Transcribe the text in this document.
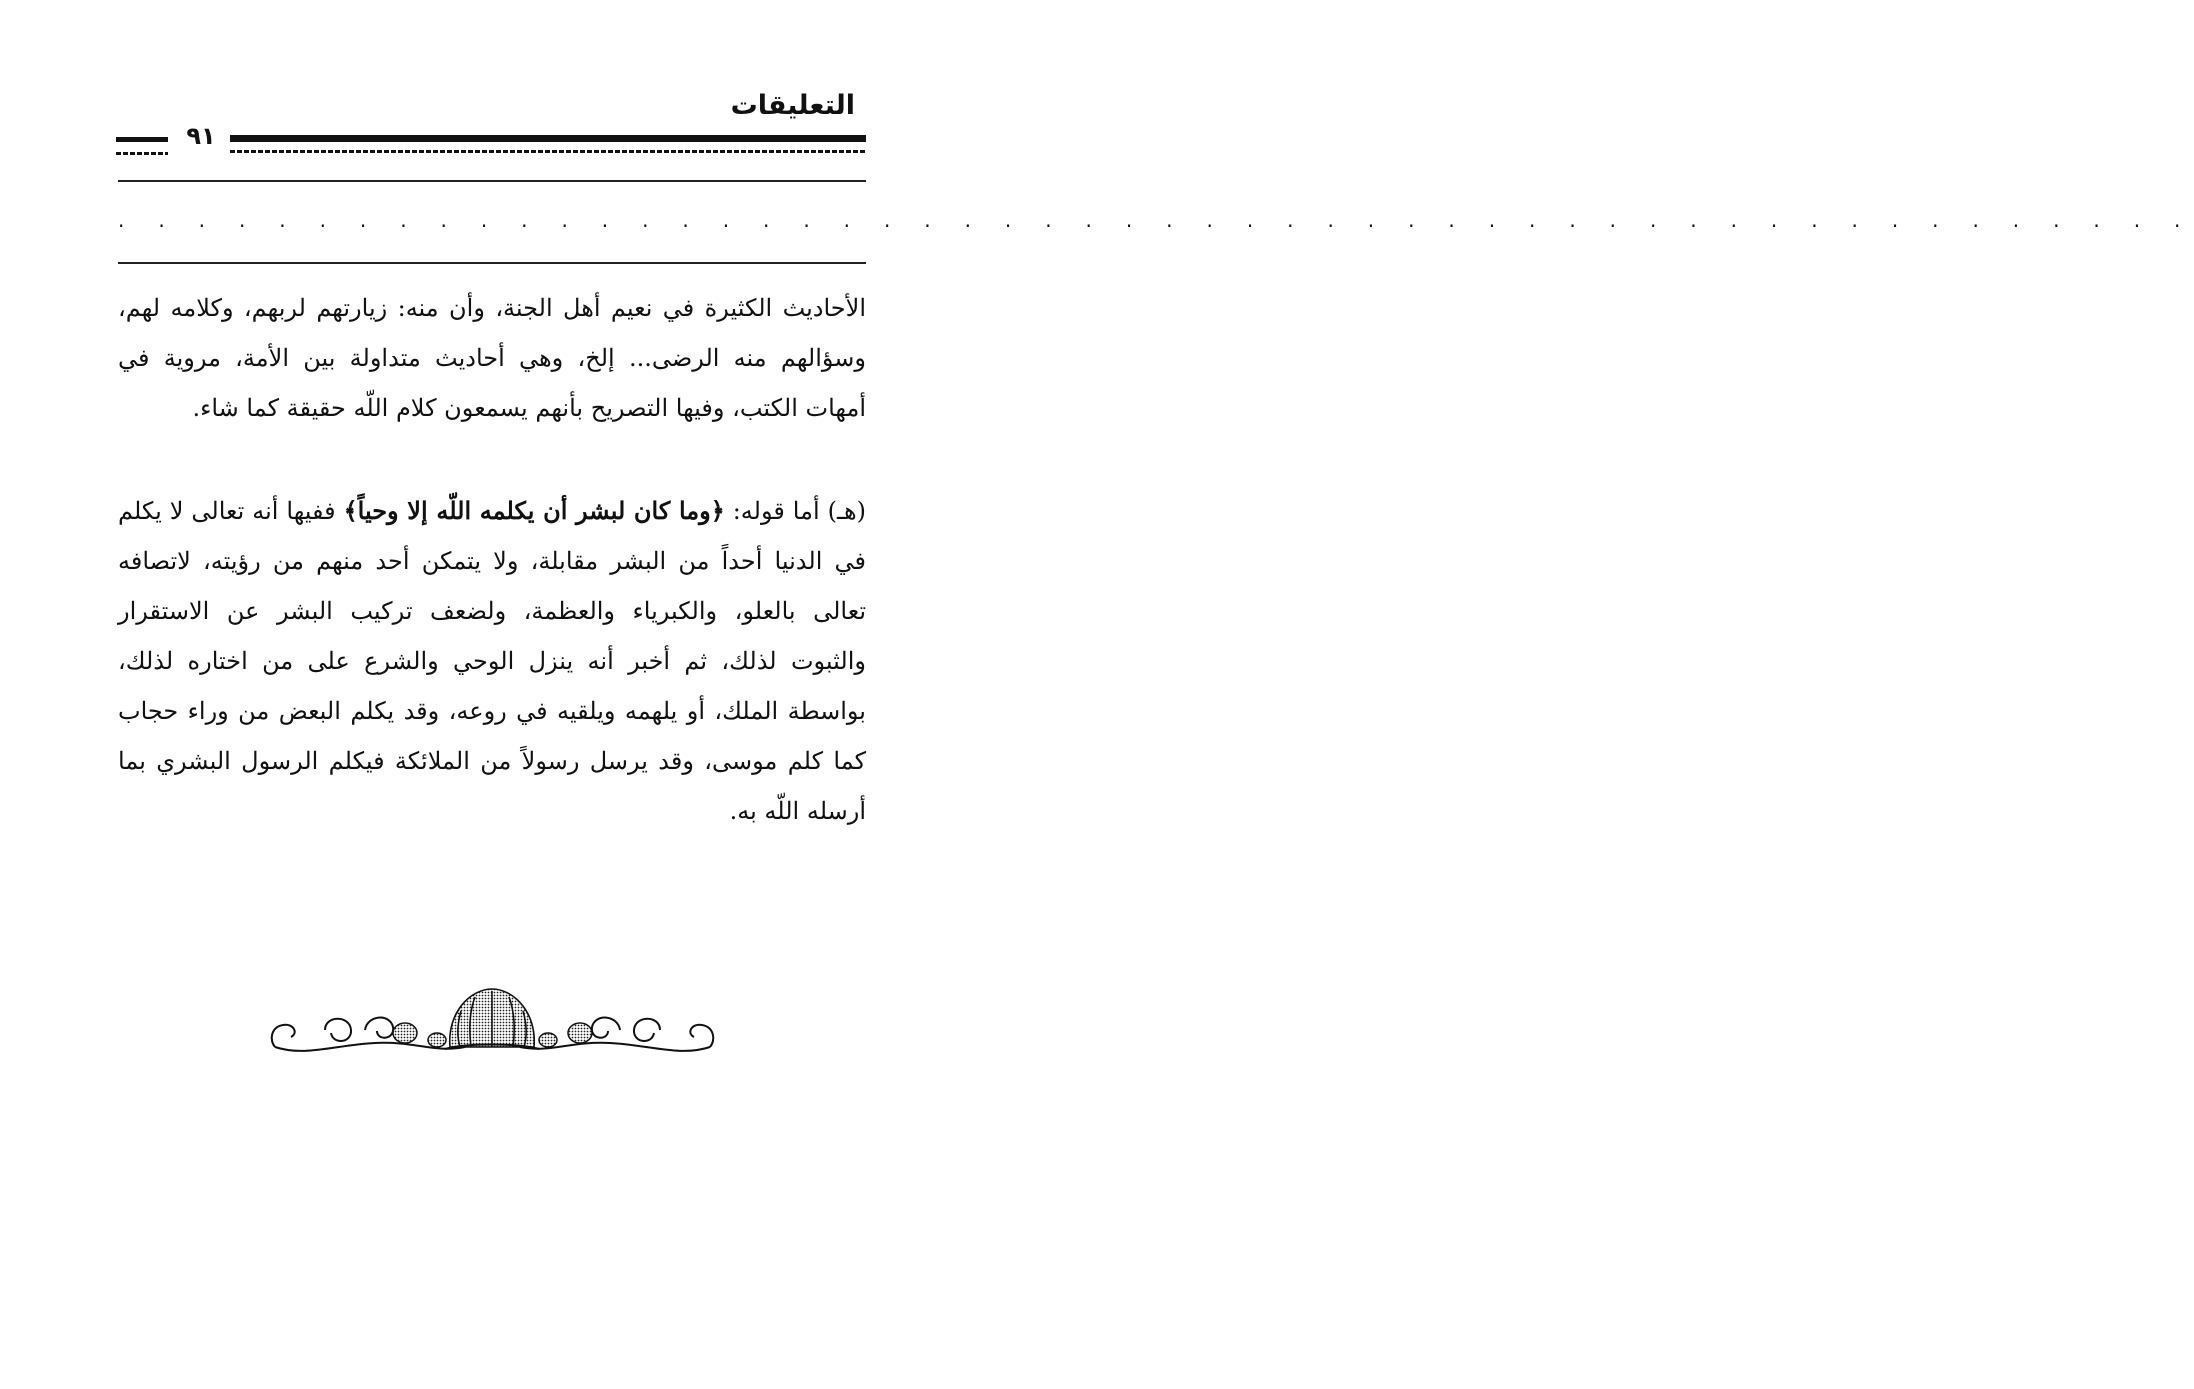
التعليقات
٩١
. . . . . . . . . . . . . . . . . . . . . . . . . . . . . . . . . . . . . . . . . . . . . . . . . . . .
الأحاديث الكثيرة في نعيم أهل الجنة، وأن منه: زيارتهم لربهم، وكلامه لهم، وسؤالهم منه الرضى... إلخ، وهي أحاديث متداولة بين الأمة، مروية في أمهات الكتب، وفيها التصريح بأنهم يسمعون كلام اللّه حقيقة كما شاء.
(هـ) أما قوله: ﴿وما كان لبشر أن يكلمه اللّه إلا وحياً﴾ ففيها أنه تعالى لا يكلم في الدنيا أحداً من البشر مقابلة، ولا يتمكن أحد منهم من رؤيته، لاتصافه تعالى بالعلو، والكبرياء والعظمة، ولضعف تركيب البشر عن الاستقرار والثبوت لذلك، ثم أخبر أنه ينزل الوحي والشرع على من اختاره لذلك، بواسطة الملك، أو يلهمه ويلقيه في روعه، وقد يكلم البعض من وراء حجاب كما كلم موسى، وقد يرسل رسولاً من الملائكة فيكلم الرسول البشري بما أرسله اللّه به.
